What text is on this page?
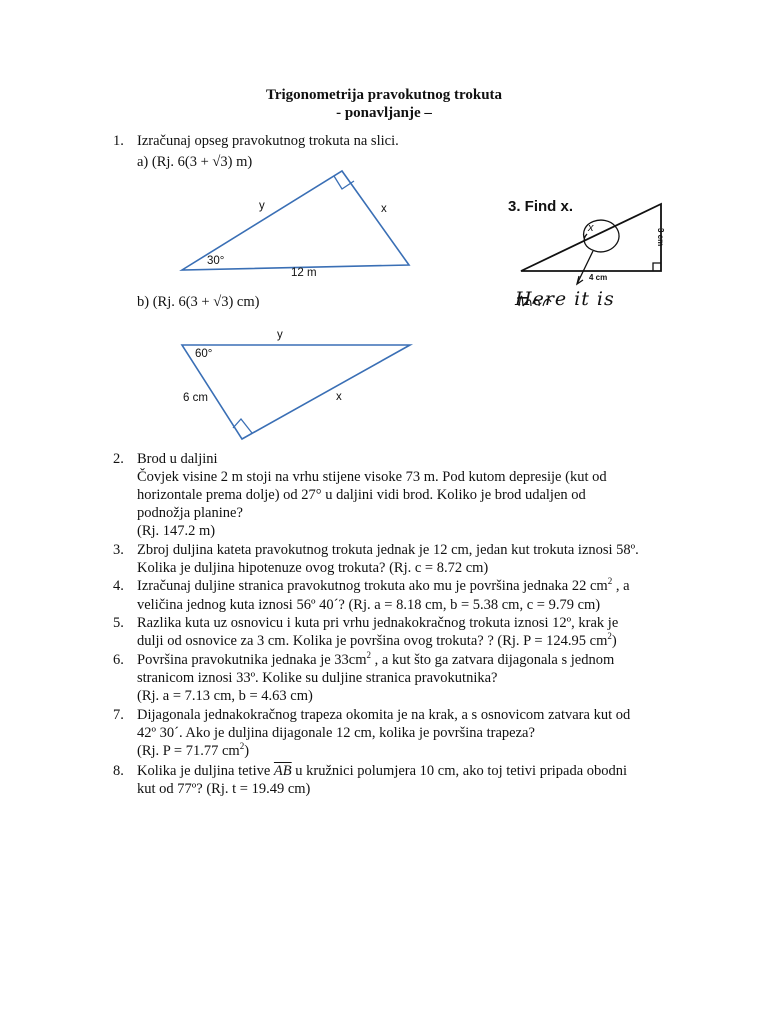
Trigonometrija pravokutnog trokuta
- ponavljanje –
1. Izračunaj opseg pravokutnog trokuta na slici.
a) (Rj. 6(3 + √3) m)
y	x
30°
12 m
3. Find x.
x	3 cm
4 cm
Here it is
b) (Rj. 6(3 + √3) cm)
y
60°
6 cm	x
2. Brod u daljini
Čovjek visine 2 m stoji na vrhu stijene visoke 73 m. Pod kutom depresije (kut od
horizontale prema dolje) od 27° u daljini vidi brod. Koliko je brod udaljen od
podnožja planine?
(Rj. 147.2 m)
3. Zbroj duljina kateta pravokutnog trokuta jednak je 12 cm, jedan kut trokuta iznosi 58º.
Kolika je duljina hipotenuze ovog trokuta? (Rj. c = 8.72 cm)
4. Izračunaj duljine stranica pravokutnog trokuta ako mu je površina jednaka 22 $cm^2$ , a
veličina jednog kuta iznosi 56º 40´? (Rj. a = 8.18 cm, b = 5.38 cm, c = 9.79 cm)
5. Razlika kuta uz osnovicu i kuta pri vrhu jednakokračnog trokuta iznosi 12º, krak je
dulji od osnovice za 3 cm. Kolika je površina ovog trokuta? ? (Rj. P = 124.95 $cm^2$)
6. Površina pravokutnika jednaka je $33cm^2$ , a kut što ga zatvara dijagonala s jednom
stranicom iznosi 33º. Kolike su duljine stranica pravokutnika?
(Rj. a = 7.13 cm, b = 4.63 cm)
7. Dijagonala jednakokračnog trapeza okomita je na krak, a s osnovicom zatvara kut od
42º 30´. Ako je duljina dijagonale 12 cm, kolika je površina trapeza?
(Rj. P = 71.77 $cm^2$)
8. Kolika je duljina tetive $\overline{AB}$ u kružnici polumjera 10 cm, ako toj tetivi pripada obodni
kut od 77º? (Rj. t = 19.49 cm)
